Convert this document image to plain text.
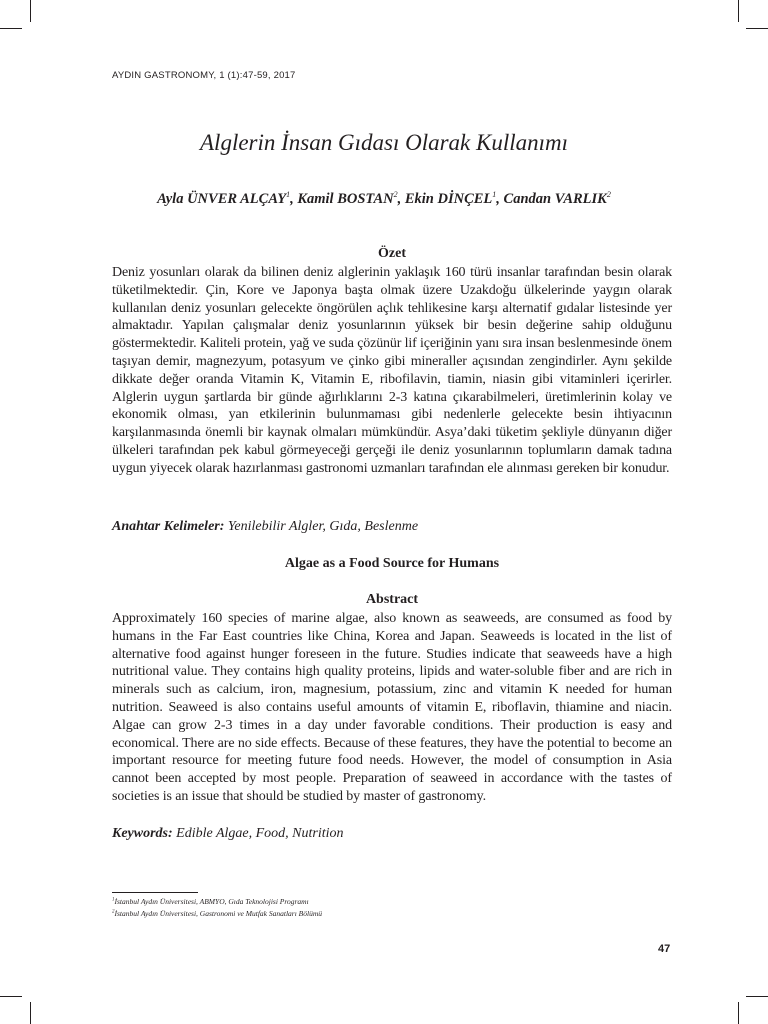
AYDIN GASTRONOMY, 1 (1):47-59, 2017
Alglerin İnsan Gıdası Olarak Kullanımı
Ayla ÜNVER ALÇAY$^1$, Kamil BOSTAN$^2$, Ekin DİNÇEL$^1$, Candan VARLIK$^2$
Özet

Deniz yosunları olarak da bilinen deniz alglerinin yaklaşık 160 türü insanlar tarafından besin olarak tüketilmektedir. Çin, Kore ve Japonya başta olmak üzere Uzakdoğu ülkelerinde yaygın olarak kullanılan deniz yosunları gelecekte öngörülen açlık tehlikesine karşı alternatif gıdalar listesinde yer almaktadır. Yapılan çalışmalar deniz yosunlarının yüksek bir besin değerine sahip olduğunu göstermektedir. Kaliteli protein, yağ ve suda çözünür lif içeriğinin yanı sıra insan beslenmesinde önem taşıyan demir, magnezyum, potasyum ve çinko gibi mineraller açısından zengindirler. Aynı şekilde dikkate değer oranda Vitamin K, Vitamin E, ribofilavin, tiamin, niasin gibi vitaminleri içerirler. Alglerin uygun şartlarda bir günde ağırlıklarını 2-3 katına çıkarabilmeleri, üretimlerinin kolay ve ekonomik olması, yan etkilerinin bulunmaması gibi nedenlerle gelecekte besin ihtiyacının karşılanmasında önemli bir kaynak olmaları mümkündür. Asya’daki tüketim şekliyle dünyanın diğer ülkeleri tarafından pek kabul görmeyeceği gerçeği ile deniz yosunlarının toplumların damak tadına uygun yiyecek olarak hazırlanması gastronomi uzmanları tarafından ele alınması gereken bir konudur.

Anahtar Kelimeler: Yenilebilir Algler, Gıda, Beslenme
Algae as a Food Source for Humans
Abstract

Approximately 160 species of marine algae, also known as seaweeds, are consumed as food by humans in the Far East countries like China, Korea and Japan. Seaweeds is located in the list of alternative food against hunger foreseen in the future. Studies indicate that seaweeds have a high nutritional value. They contains high quality proteins, lipids and water-soluble fiber and are rich in minerals such as calcium, iron, magnesium, potassium, zinc and vitamin K needed for human nutrition. Seaweed is also contains useful amounts of vitamin E, riboflavin, thiamine and niacin. Algae can grow 2-3 times in a day under favorable conditions. Their production is easy and economical. There are no side effects. Because of these features, they have the potential to become an important resource for meeting future food needs. However, the model of consumption in Asia cannot been accepted by most people. Preparation of seaweed in accordance with the tastes of societies is an issue that should be studied by master of gastronomy.

Keywords: Edible Algae, Food, Nutrition
$^1$İstanbul Aydın Üniversitesi, ABMYO, Gıda Teknolojisi Programı
$^2$İstanbul Aydın Üniversitesi, Gastronomi ve Mutfak Sanatları Bölümü
47
